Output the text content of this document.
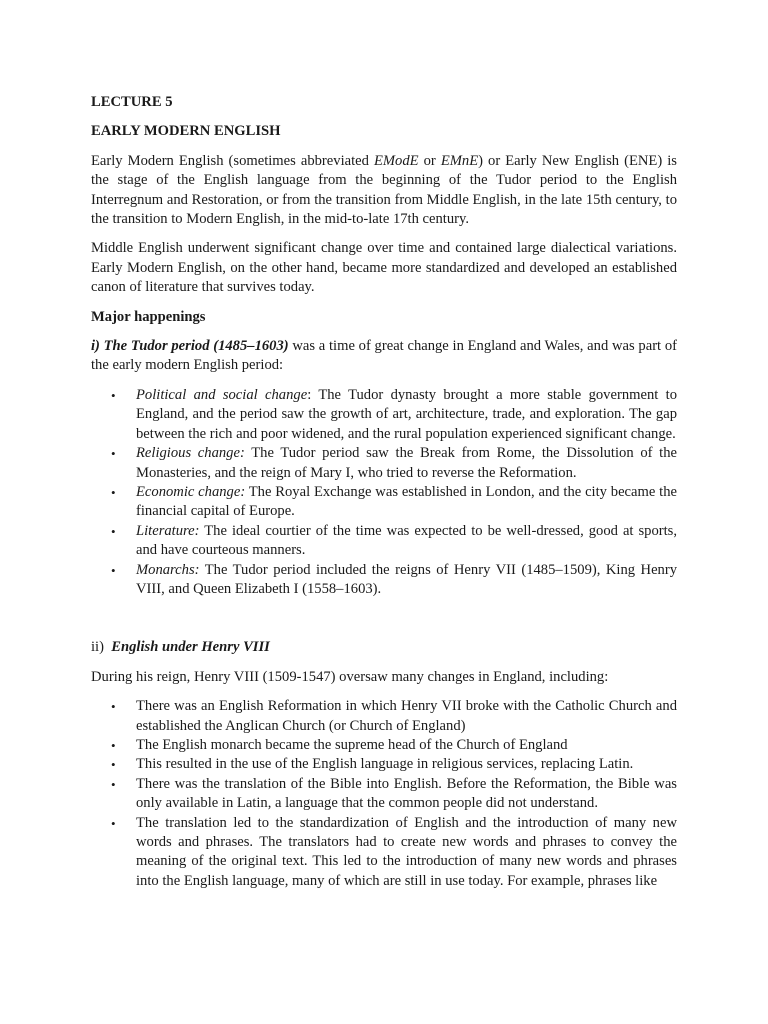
LECTURE 5
EARLY MODERN ENGLISH

Early Modern English (sometimes abbreviated EModE or EMnE) or Early New English (ENE) is the stage of the English language from the beginning of the Tudor period to the English Interregnum and Restoration, or from the transition from Middle English, in the late 15th century, to the transition to Modern English, in the mid-to-late 17th century.

Middle English underwent significant change over time and contained large dialectical variations. Early Modern English, on the other hand, became more standardized and developed an established canon of literature that survives today.

Major happenings

i) The Tudor period (1485–1603) was a time of great change in England and Wales, and was part of the early modern English period:

• Political and social change: The Tudor dynasty brought a more stable government to England, and the period saw the growth of art, architecture, trade, and exploration. The gap between the rich and poor widened, and the rural population experienced significant change.
• Religious change: The Tudor period saw the Break from Rome, the Dissolution of the Monasteries, and the reign of Mary I, who tried to reverse the Reformation.
• Economic change: The Royal Exchange was established in London, and the city became the financial capital of Europe.
• Literature: The ideal courtier of the time was expected to be well-dressed, good at sports, and have courteous manners.
• Monarchs: The Tudor period included the reigns of Henry VII (1485–1509), King Henry VIII, and Queen Elizabeth I (1558–1603).

ii) English under Henry VIII

During his reign, Henry VIII (1509-1547) oversaw many changes in England, including:

• There was an English Reformation in which Henry VII broke with the Catholic Church and established the Anglican Church (or Church of England)
• The English monarch became the supreme head of the Church of England
• This resulted in the use of the English language in religious services, replacing Latin.
• There was the translation of the Bible into English. Before the Reformation, the Bible was only available in Latin, a language that the common people did not understand.
• The translation led to the standardization of English and the introduction of many new words and phrases. The translators had to create new words and phrases to convey the meaning of the original text. This led to the introduction of many new words and phrases into the English language, many of which are still in use today. For example, phrases like
